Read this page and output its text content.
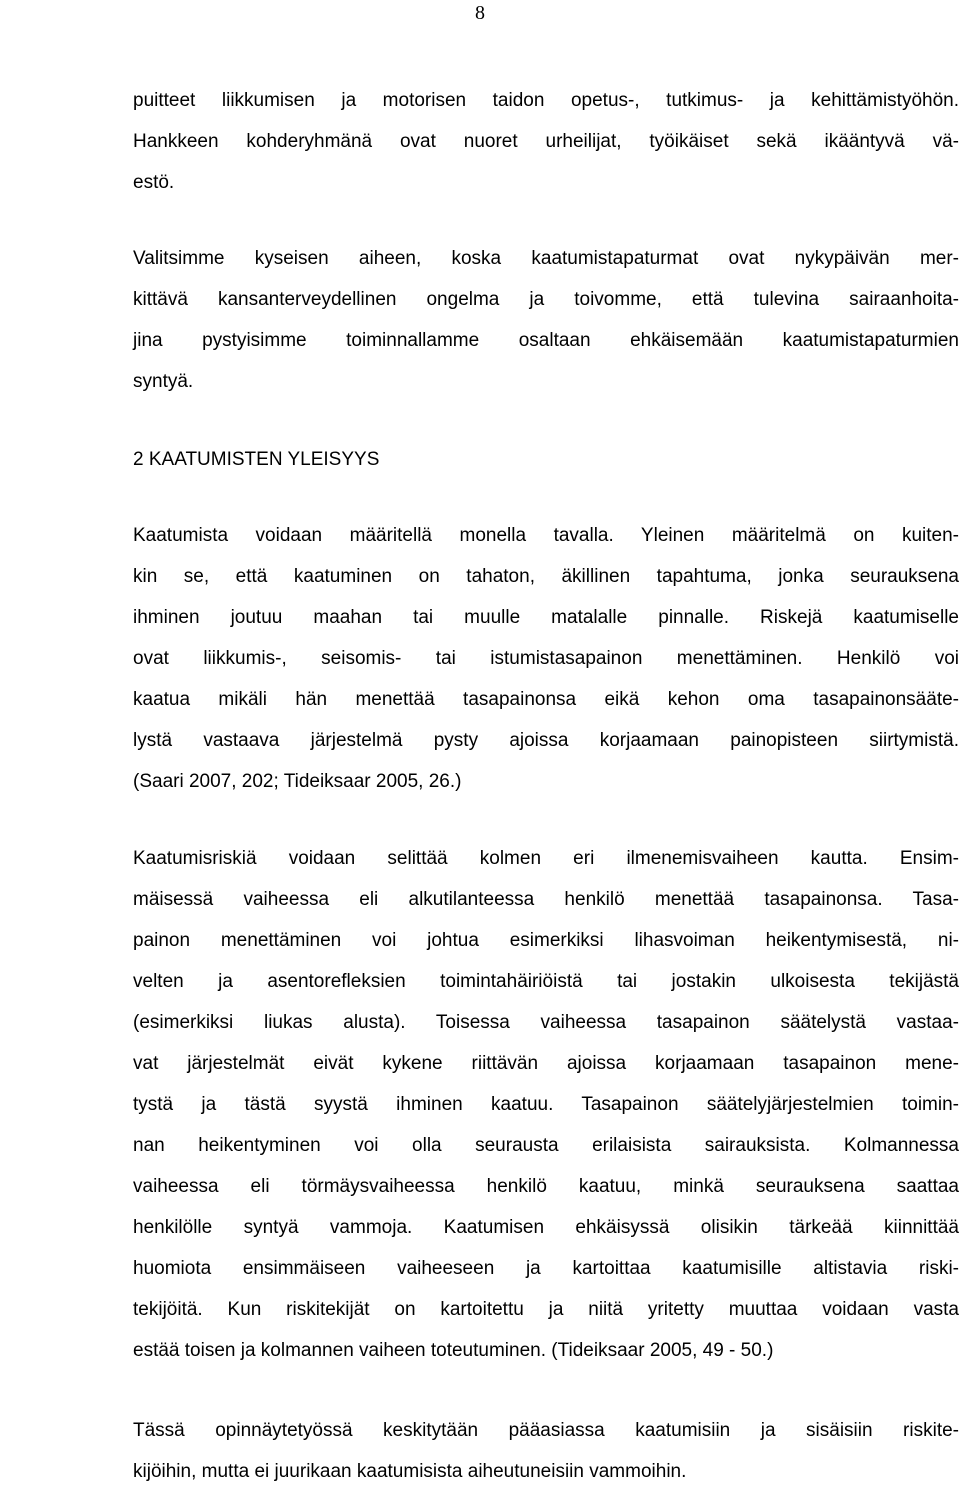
8
puitteet liikkumisen ja motorisen taidon opetus-, tutkimus- ja kehittämistyöhön.
Hankkeen kohderyhmänä ovat nuoret urheilijat, työikäiset sekä ikääntyvä vä-
estö.
Valitsimme kyseisen aiheen, koska kaatumistapaturmat ovat nykypäivän mer-
kittävä kansanterveydellinen ongelma ja toivomme, että tulevina sairaanhoita-
jina pystyisimme toiminnallamme osaltaan ehkäisemään kaatumistapaturmien
syntyä.
2 KAATUMISTEN YLEISYYS
Kaatumista voidaan määritellä monella tavalla. Yleinen määritelmä on kuiten-
kin se, että kaatuminen on tahaton, äkillinen tapahtuma, jonka seurauksena
ihminen joutuu maahan tai muulle matalalle pinnalle. Riskejä kaatumiselle
ovat liikkumis-, seisomis- tai istumistasapainon menettäminen. Henkilö voi
kaatua mikäli hän menettää tasapainonsa eikä kehon oma tasapainonsääte-
lystä vastaava järjestelmä pysty ajoissa korjaamaan painopisteen siirtymistä.
(Saari 2007, 202; Tideiksaar 2005, 26.)
Kaatumisriskiä voidaan selittää kolmen eri ilmenemisvaiheen kautta. Ensim-
mäisessä vaiheessa eli alkutilanteessa henkilö menettää tasapainonsa. Tasa-
painon menettäminen voi johtua esimerkiksi lihasvoiman heikentymisestä, ni-
velten ja asentorefleksien toimintahäiriöistä tai jostakin ulkoisesta tekijästä
(esimerkiksi liukas alusta). Toisessa vaiheessa tasapainon säätelystä vastaa-
vat järjestelmät eivät kykene riittävän ajoissa korjaamaan tasapainon mene-
tystä ja tästä syystä ihminen kaatuu. Tasapainon säätelyjärjestelmien toimin-
nan heikentyminen voi olla seurausta erilaisista sairauksista. Kolmannessa
vaiheessa eli törmäysvaiheessa henkilö kaatuu, minkä seurauksena saattaa
henkilölle syntyä vammoja. Kaatumisen ehkäisyssä olisikin tärkeää kiinnittää
huomiota ensimmäiseen vaiheeseen ja kartoittaa kaatumisille altistavia riski-
tekijöitä. Kun riskitekijät on kartoitettu ja niitä yritetty muuttaa voidaan vasta
estää toisen ja kolmannen vaiheen toteutuminen. (Tideiksaar 2005, 49 - 50.)
Tässä opinnäytetyössä keskitytään pääasiassa kaatumisiin ja sisäisiin riskite-
kijöihin, mutta ei juurikaan kaatumisista aiheutuneisiin vammoihin.
